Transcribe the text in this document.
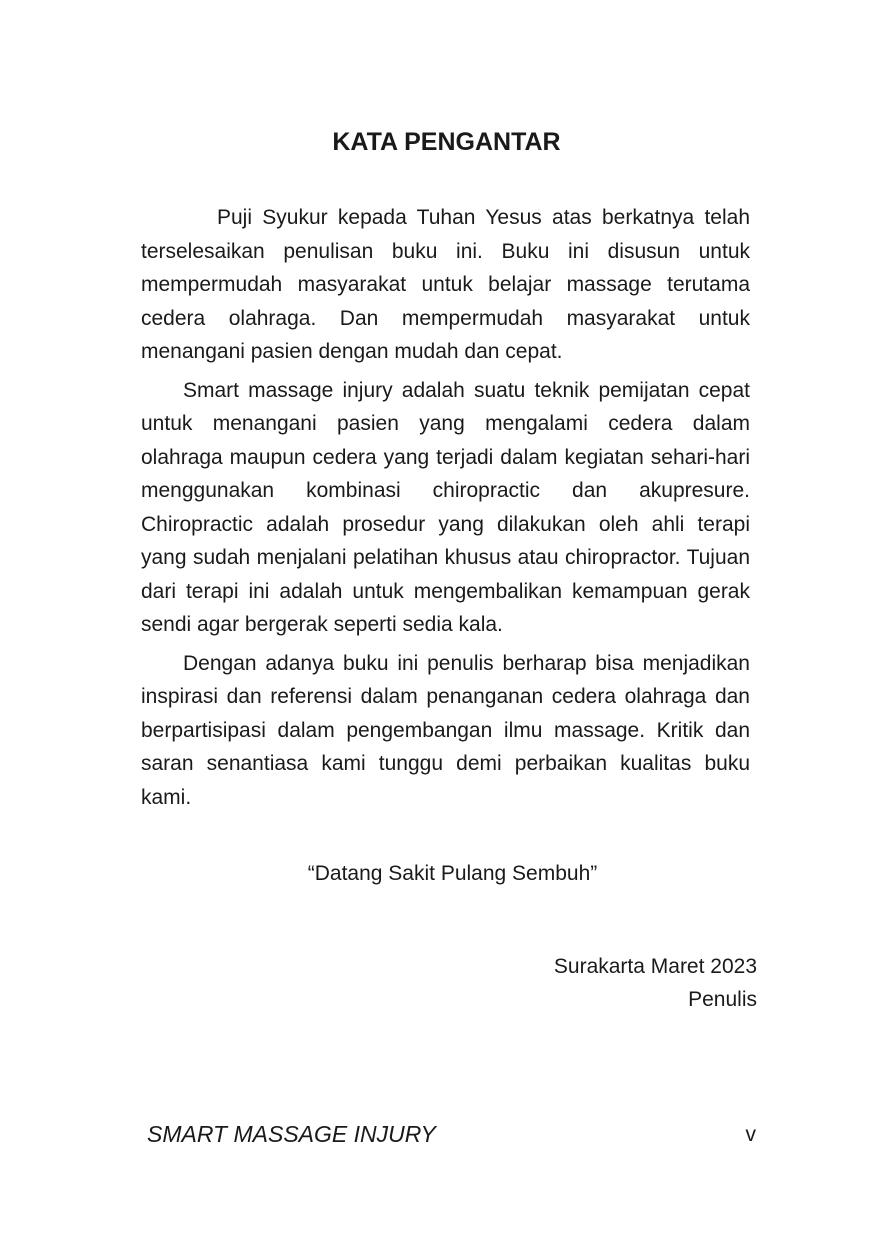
KATA PENGANTAR

Puji Syukur kepada Tuhan Yesus atas berkatnya telah terselesaikan penulisan buku ini. Buku ini disusun untuk mempermudah masyarakat untuk belajar massage terutama cedera olahraga. Dan mempermudah masyarakat untuk menangani pasien dengan mudah dan cepat.

Smart massage injury adalah suatu teknik pemijatan cepat untuk menangani pasien yang mengalami cedera dalam olahraga maupun cedera yang terjadi dalam kegiatan sehari-hari menggunakan kombinasi chiropractic dan akupresure. Chiropractic adalah prosedur yang dilakukan oleh ahli terapi yang sudah menjalani pelatihan khusus atau chiropractor. Tujuan dari terapi ini adalah untuk mengembalikan kemampuan gerak sendi agar bergerak seperti sedia kala.

Dengan adanya buku ini penulis berharap bisa menjadikan inspirasi dan referensi dalam penanganan cedera olahraga dan berpartisipasi dalam pengembangan ilmu massage. Kritik dan saran senantiasa kami tunggu demi perbaikan kualitas buku kami.

“Datang Sakit Pulang Sembuh”

Surakarta Maret 2023
Penulis

SMART MASSAGE INJURY	v
